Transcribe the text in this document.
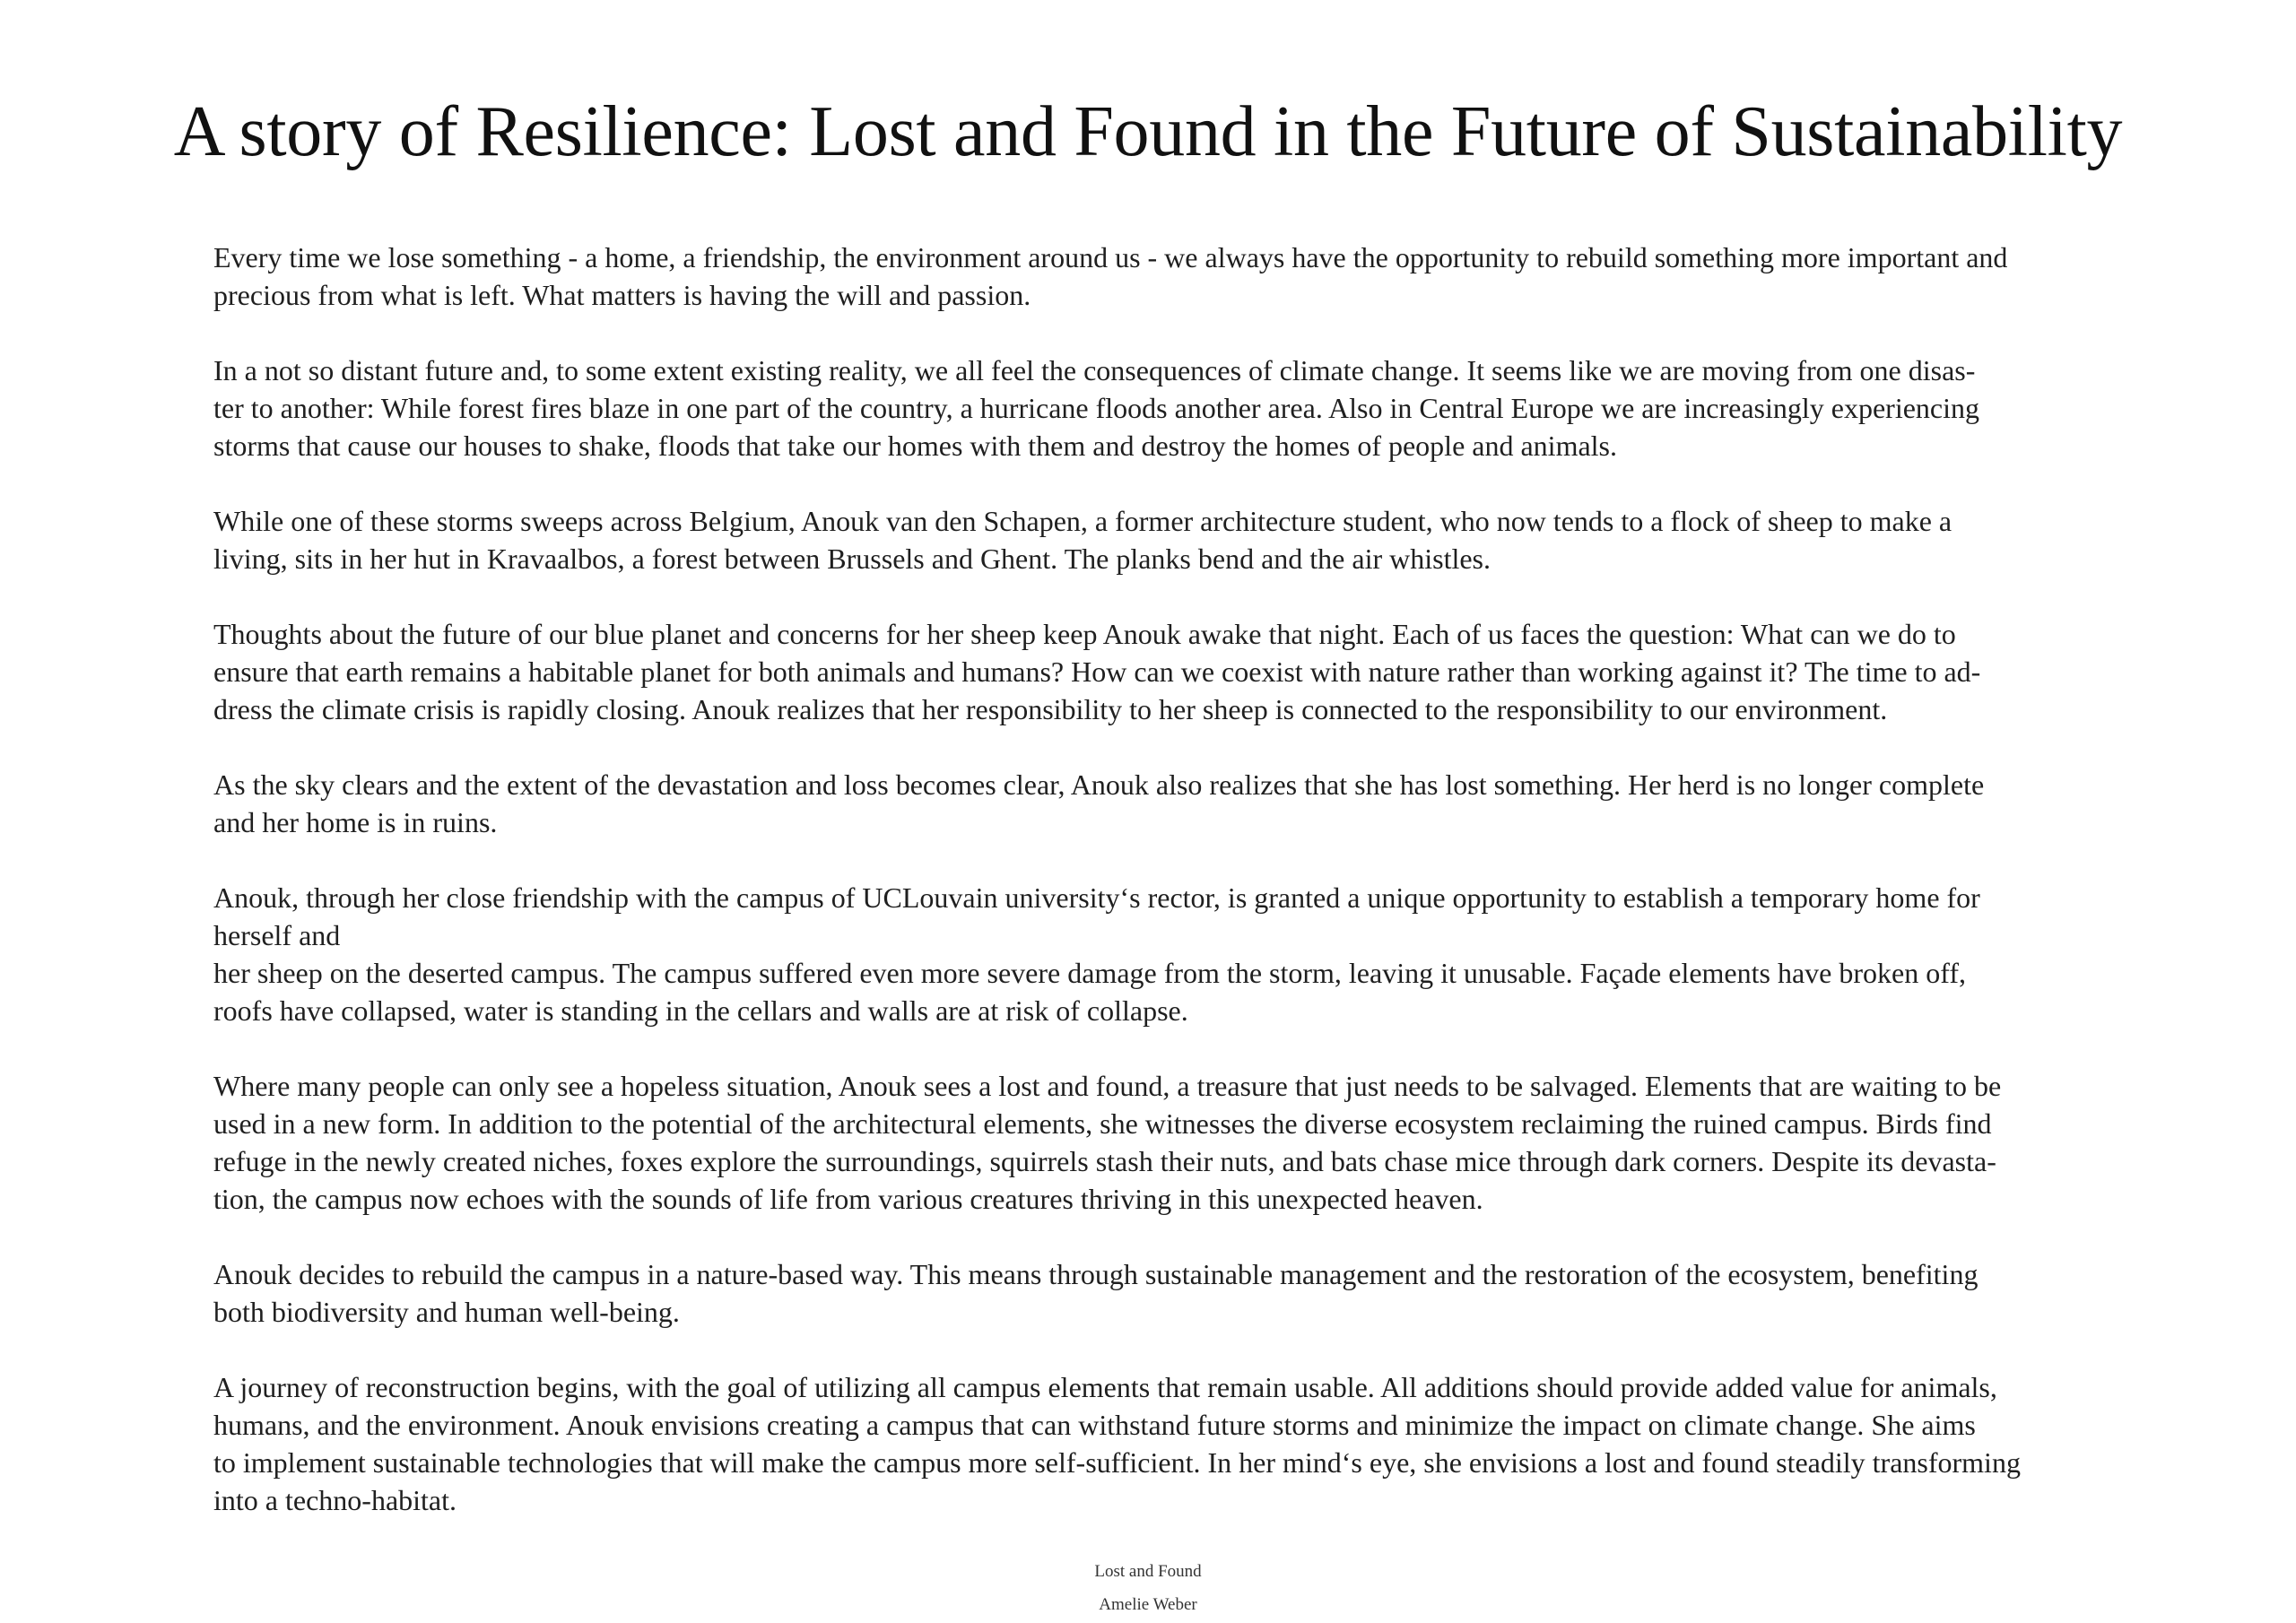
A story of Resilience: Lost and Found in the Future of Sustainability

Every time we lose something - a home, a friendship, the environment around us - we always have the opportunity to rebuild something more important and
precious from what is left. What matters is having the will and passion.

In a not so distant future and, to some extent existing reality, we all feel the consequences of climate change. It seems like we are moving from one disas-
ter to another: While forest fires blaze in one part of the country, a hurricane floods another area. Also in Central Europe we are increasingly experiencing
storms that cause our houses to shake, floods that take our homes with them and destroy the homes of people and animals.

While one of these storms sweeps across Belgium, Anouk van den Schapen, a former architecture student, who now tends to a flock of sheep to make a
living, sits in her hut in Kravaalbos, a forest between Brussels and Ghent. The planks bend and the air whistles.

Thoughts about the future of our blue planet and concerns for her sheep keep Anouk awake that night. Each of us faces the question: What can we do to
ensure that earth remains a habitable planet for both animals and humans? How can we coexist with nature rather than working against it? The time to ad-
dress the climate crisis is rapidly closing. Anouk realizes that her responsibility to her sheep is connected to the responsibility to our environment.

As the sky clears and the extent of the devastation and loss becomes clear, Anouk also realizes that she has lost something. Her herd is no longer complete
and her home is in ruins.

Anouk, through her close friendship with the campus of UCLouvain university‘s rector, is granted a unique opportunity to establish a temporary home for
herself and
her sheep on the deserted campus. The campus suffered even more severe damage from the storm, leaving it unusable. Façade elements have broken off,
roofs have collapsed, water is standing in the cellars and walls are at risk of collapse.

Where many people can only see a hopeless situation, Anouk sees a lost and found, a treasure that just needs to be salvaged. Elements that are waiting to be
used in a new form. In addition to the potential of the architectural elements, she witnesses the diverse ecosystem reclaiming the ruined campus. Birds find
refuge in the newly created niches, foxes explore the surroundings, squirrels stash their nuts, and bats chase mice through dark corners. Despite its devasta-
tion, the campus now echoes with the sounds of life from various creatures thriving in this unexpected heaven.

Anouk decides to rebuild the campus in a nature-based way. This means through sustainable management and the restoration of the ecosystem, benefiting
both biodiversity and human well-being.

A journey of reconstruction begins, with the goal of utilizing all campus elements that remain usable. All additions should provide added value for animals,
humans, and the environment. Anouk envisions creating a campus that can withstand future storms and minimize the impact on climate change. She aims
to implement sustainable technologies that will make the campus more self-sufficient. In her mind‘s eye, she envisions a lost and found steadily transforming
into a techno-habitat.

Lost and Found
Amelie Weber
